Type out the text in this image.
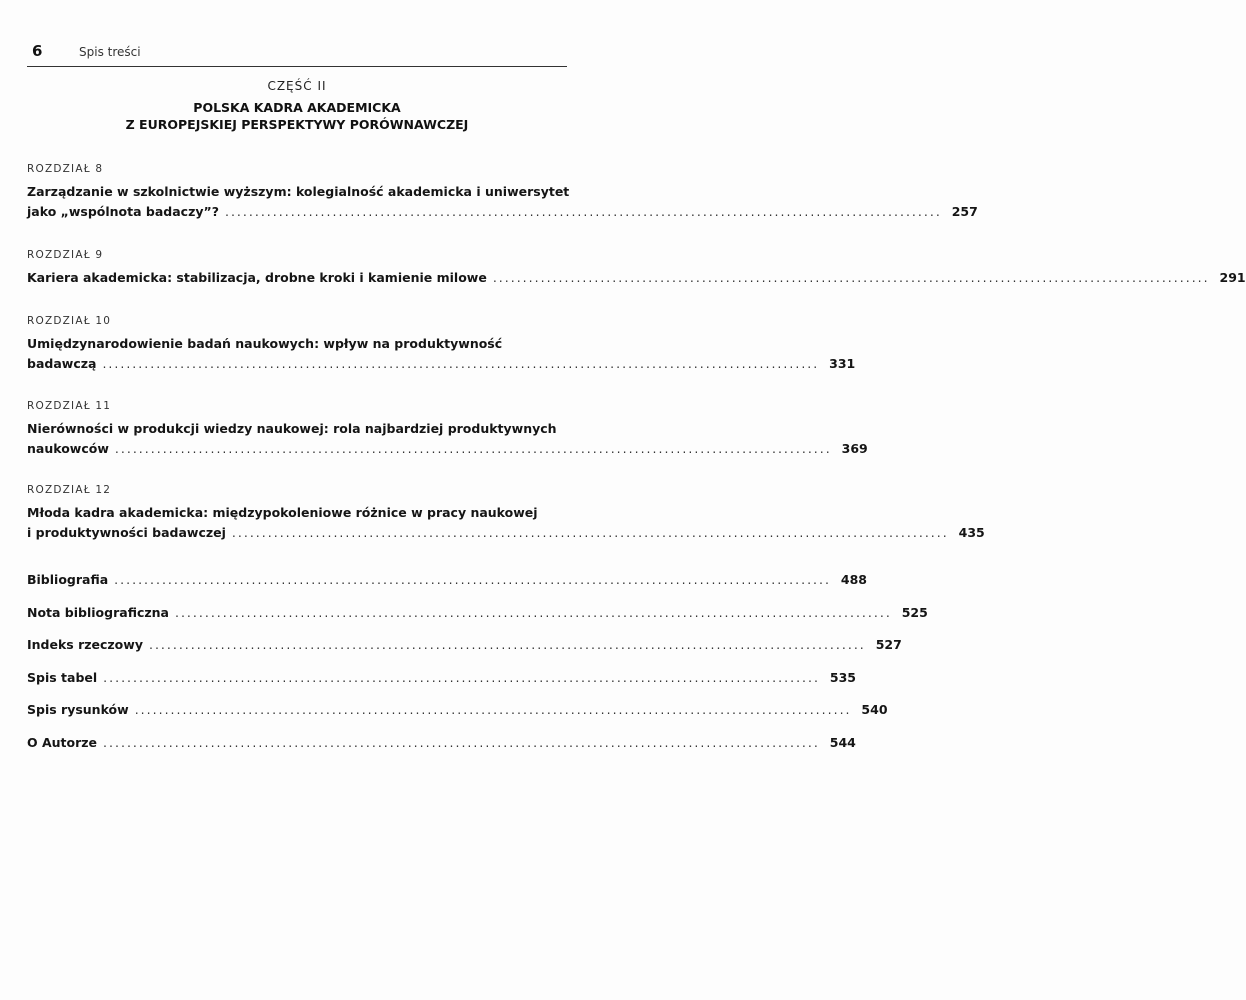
6	Spis treści
CZĘŚĆ II
POLSKA KADRA AKADEMICKA
Z EUROPEJSKIEJ PERSPEKTYWY PORÓWNAWCZEJ
ROZDZIAŁ 8
Zarządzanie w szkolnictwie wyższym: kolegialność akademicka i uniwersytet
jako „wspólnota badaczy”? ........................................................................................................................ 257
ROZDZIAŁ 9
Kariera akademicka: stabilizacja, drobne kroki i kamienie milowe ........................................................................................................................ 291
ROZDZIAŁ 10
Umiędzynarodowienie badań naukowych: wpływ na produktywność
badawczą ........................................................................................................................ 331
ROZDZIAŁ 11
Nierówności w produkcji wiedzy naukowej: rola najbardziej produktywnych
naukowców ........................................................................................................................ 369
ROZDZIAŁ 12
Młoda kadra akademicka: międzypokoleniowe różnice w pracy naukowej
i produktywności badawczej ........................................................................................................................ 435
Bibliografia ........................................................................................................................ 488
Nota bibliograficzna ........................................................................................................................ 525
Indeks rzeczowy ........................................................................................................................ 527
Spis tabel ........................................................................................................................ 535
Spis rysunków ........................................................................................................................ 540
O Autorze ........................................................................................................................ 544
